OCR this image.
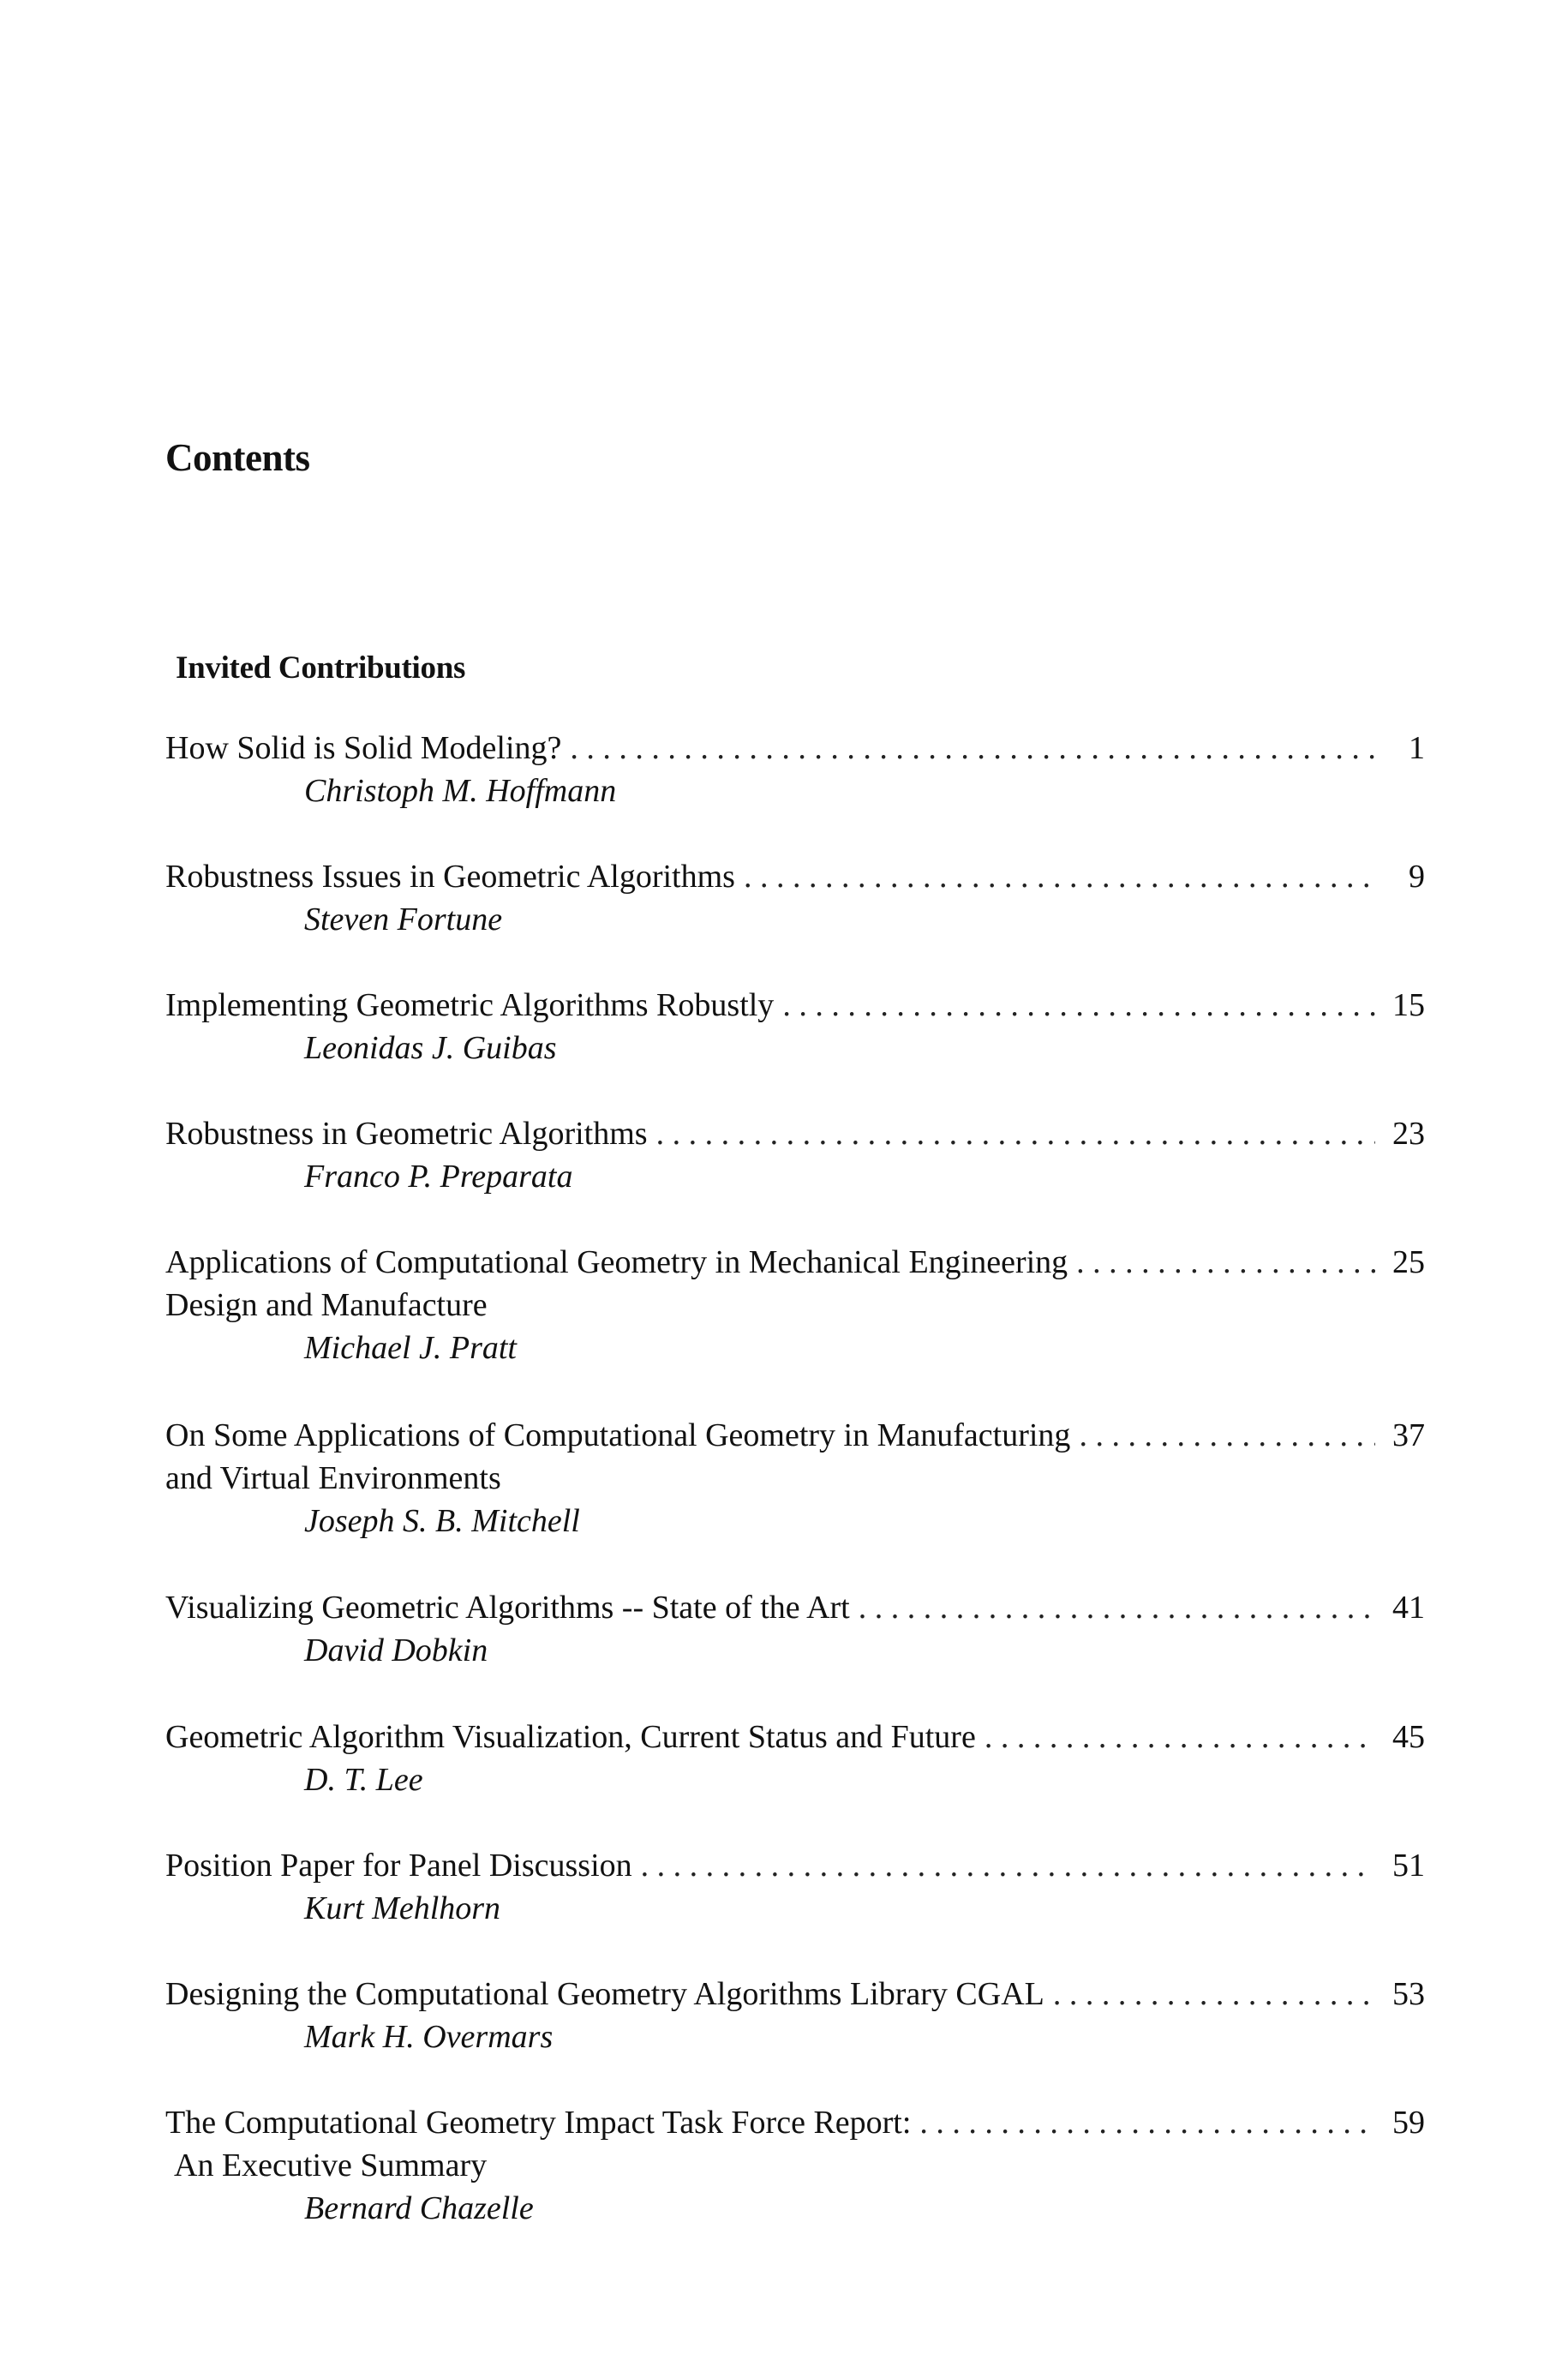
Contents
Invited Contributions
How Solid is Solid Modeling? . . .	1
Christoph M. Hoffmann
Robustness Issues in Geometric Algorithms . . .	9
Steven Fortune
Implementing Geometric Algorithms Robustly . . .	15
Leonidas J. Guibas
Robustness in Geometric Algorithms . . .	23
Franco P. Preparata
Applications of Computational Geometry in Mechanical Engineering . . .	25
Design and Manufacture
Michael J. Pratt
On Some Applications of Computational Geometry in Manufacturing . . .	37
and Virtual Environments
Joseph S. B. Mitchell
Visualizing Geometric Algorithms -- State of the Art . . .	41
David Dobkin
Geometric Algorithm Visualization, Current Status and Future . . .	45
D. T. Lee
Position Paper for Panel Discussion . . .	51
Kurt Mehlhorn
Designing the Computational Geometry Algorithms Library CGAL . . .	53
Mark H. Overmars
The Computational Geometry Impact Task Force Report: . . .	59
An Executive Summary
Bernard Chazelle
